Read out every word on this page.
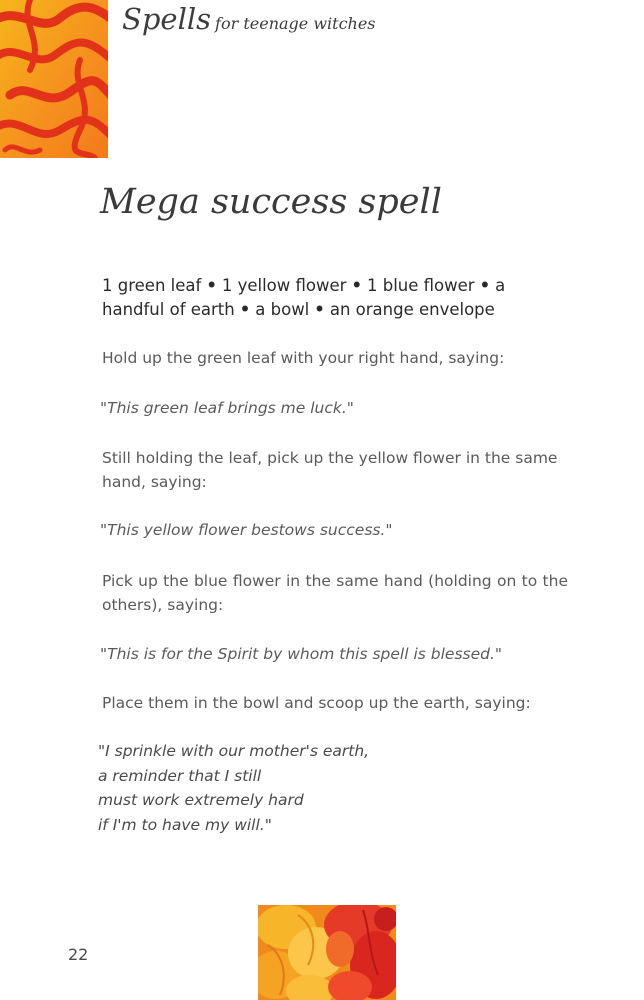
Spells for teenage witches
Mega success spell

1 green leaf • 1 yellow flower • 1 blue flower • a handful of earth • a bowl • an orange envelope

Hold up the green leaf with your right hand, saying:

"This green leaf brings me luck."

Still holding the leaf, pick up the yellow flower in the same hand, saying:

"This yellow flower bestows success."

Pick up the blue flower in the same hand (holding on to the others), saying:

"This is for the Spirit by whom this spell is blessed."

Place them in the bowl and scoop up the earth, saying:

"I sprinkle with our mother's earth,
a reminder that I still
must work extremely hard
if I'm to have my will."
22
